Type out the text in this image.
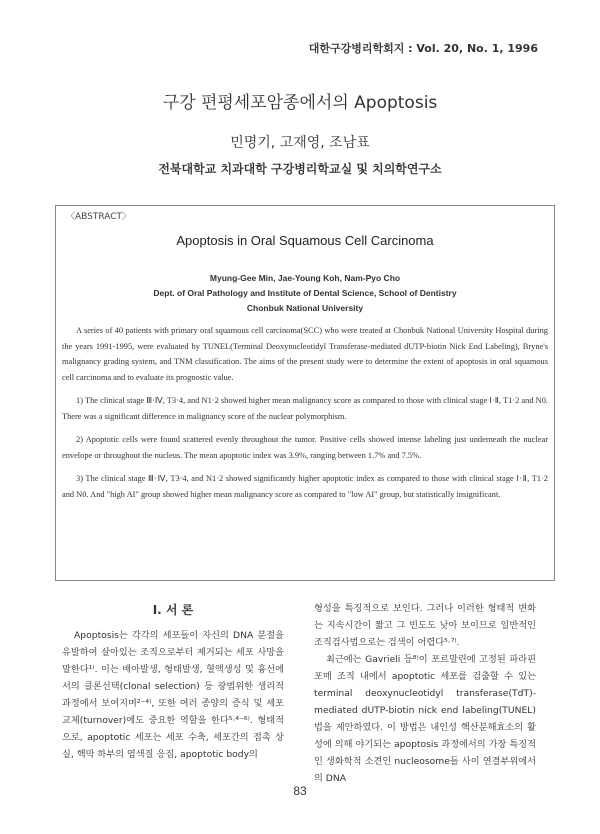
대한구강병리학회지 : Vol. 20, No. 1, 1996
구강 편평세포암종에서의 Apoptosis
민명기, 고재영, 조남표
전북대학교 치과대학 구강병리학교실 및 치의학연구소
〈ABSTRACT〉
Apoptosis in Oral Squamous Cell Carcinoma
Myung-Gee Min, Jae-Young Koh, Nam-Pyo Cho
Dept. of Oral Pathology and Institute of Dental Science, School of Dentistry
Chonbuk National University

A series of 40 patients with primary oral squamous cell carcinoma(SCC) who were treated at Chonbuk National University Hospital during the years 1991-1995, were evaluated by TUNEL(Terminal Deoxynucleotidyl Transferase-mediated dUTP-biotin Nick End Labeling), Bryne's malignancy grading system, and TNM classification. The aims of the present study were to determine the extent of apoptosis in oral squamous cell carcinoma and to evaluate its prognostic value.

1) The clinical stage Ⅲ·Ⅳ, T3·4, and N1·2 showed higher mean malignancy score as compared to those with clinical stage Ⅰ·Ⅱ, T1·2 and N0. There was a significant difference in malignancy score of the nuclear polymorphism.

2) Apoptotic cells were found scattered evenly throughout the tumor. Positive cells showed intense labeling just underneath the nuclear envelope or throughout the nucleus. The mean apoptotic index was 3.9%, ranging between 1.7% and 7.5%.

3) The clinical stage Ⅲ·Ⅳ, T3·4, and N1·2 showed significantly higher apoptotic index as compared to those with clinical stage Ⅰ·Ⅱ, T1·2 and N0. And "high AI" group showed higher mean malignancy score as compared to "low AI" group, but statistically insignificant.

Ⅰ. 서 론

Apoptosis는 각각의 세포들이 자신의 DNA 분절을 유발하여 살아있는 조직으로부터 제거되는 세포 사망을 말한다¹⁾. 이는 배아발생, 형태발생, 혈액생성 및 흉선에서의 클론선택(clonal selection) 등 광범위한 생리적 과정에서 보여지며²⁻⁴⁾, 또한 여러 종양의 증식 및 세포 교체(turnover)에도 중요한 역할을 한다⁵·⁴⁻⁶⁾. 형태적으로, apoptotic 세포는 세포 수축, 세포간의 접촉 상실, 핵막 하부의 염색질 응집, apoptotic body의

형성을 특징적으로 보인다. 그러나 이러한 형태적 변화는 지속시간이 짧고 그 빈도도 낮아 보이므로 일반적인 조직검사법으로는 검색이 어렵다⁵·⁷⁾.

최근에는 Gavrieli 등⁸⁾이 포르말린에 고정된 파라핀 포매 조직 내에서 apoptotic 세포를 검출할 수 있는 terminal deoxynucleotidyl transferase(TdT)-mediated dUTP-biotin nick end labeling(TUNEL) 법을 제안하였다. 이 방법은 내인성 핵산분해효소의 활성에 의해 야기되는 apoptosis 과정에서의 가장 특징적인 생화학적 소견인 nucleosome들 사이 연결부위에서의 DNA

83
